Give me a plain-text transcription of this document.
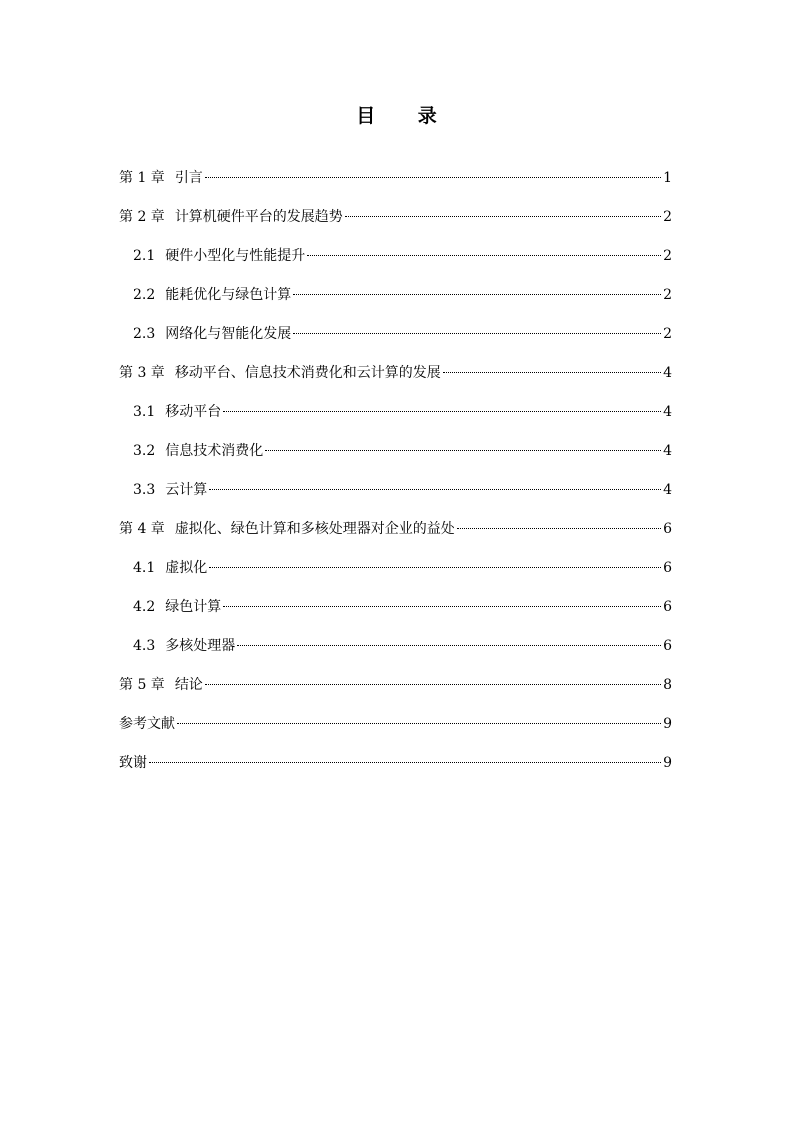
目 录
第 1 章 引言	1
第 2 章 计算机硬件平台的发展趋势	2
2.1 硬件小型化与性能提升	2
2.2 能耗优化与绿色计算	2
2.3 网络化与智能化发展	2
第 3 章 移动平台、信息技术消费化和云计算的发展	4
3.1 移动平台	4
3.2 信息技术消费化	4
3.3 云计算	4
第 4 章 虚拟化、绿色计算和多核处理器对企业的益处	6
4.1 虚拟化	6
4.2 绿色计算	6
4.3 多核处理器	6
第 5 章 结论	8
参考文献	9
致谢	9
